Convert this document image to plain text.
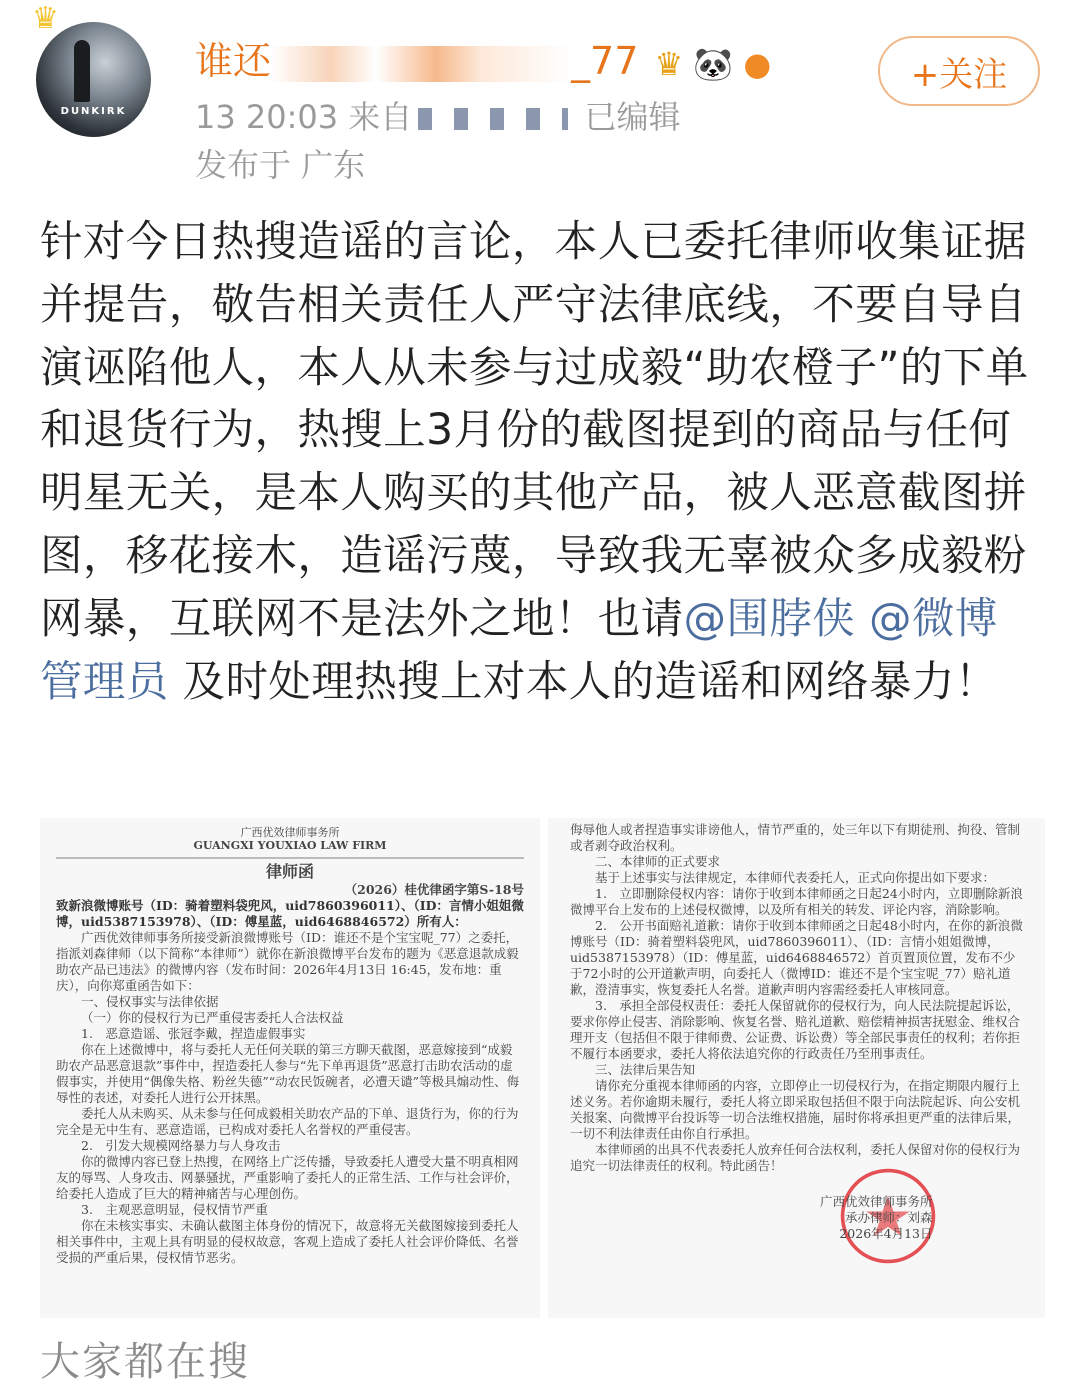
DUNKIRK
♛
谁还	_77 ♛ 🐼 ●	+关注
13 20:03 来自	已编辑
发布于 广东
针对今日热搜造谣的言论，本人已委托律师收集证据并提告，敬告相关责任人严守法律底线，不要自导自演诬陷他人，本人从未参与过成毅“助农橙子”的下单和退货行为，热搜上3月份的截图提到的商品与任何明星无关，是本人购买的其他产品，被人恶意截图拼图，移花接木，造谣污蔑，导致我无辜被众多成毅粉网暴，互联网不是法外之地！也请@围脖侠 @微博管理员 及时处理热搜上对本人的造谣和网络暴力！
广西优效律师事务所
GUANGXI YOUXIAO LAW FIRM
律师函
（2026）桂优律函字第S-18号

致新浪微博账号（ID：骑着塑料袋兜风，uid7860396011）、（ID：言情小姐姐微博，uid5387153978）、（ID：傅星蓝，uid6468846572）所有人：

广西优效律师事务所接受新浪微博账号（ID：谁还不是个宝宝呢_77）之委托，指派刘森律师（以下简称“本律师”）就你在新浪微博平台发布的题为《恶意退款成毅助农产品已违法》的微博内容（发布时间：2026年4月13日 16:45，发布地：重庆），向你郑重函告如下：

一、侵权事实与法律依据

（一）你的侵权行为已严重侵害委托人合法权益

1.　恶意造谣、张冠李戴，捏造虚假事实

你在上述微博中，将与委托人无任何关联的第三方聊天截图，恶意嫁接到“成毅助农产品恶意退款”事件中，捏造委托人参与“先下单再退货”恶意打击助农活动的虚假事实，并使用“偶像失格、粉丝失德”“动农民饭碗者，必遭天谴”等极具煽动性、侮辱性的表述，对委托人进行公开抹黑。

委托人从未购买、从未参与任何成毅相关助农产品的下单、退货行为，你的行为完全是无中生有、恶意造谣，已构成对委托人名誉权的严重侵害。

2.　引发大规模网络暴力与人身攻击

你的微博内容已登上热搜，在网络上广泛传播，导致委托人遭受大量不明真相网友的辱骂、人身攻击、网暴骚扰，严重影响了委托人的正常生活、工作与社会评价，给委托人造成了巨大的精神痛苦与心理创伤。

3.　主观恶意明显，侵权情节严重

你在未核实事实、未确认截图主体身份的情况下，故意将无关截图嫁接到委托人相关事件中，主观上具有明显的侵权故意，客观上造成了委托人社会评价降低、名誉受损的严重后果，侵权情节恶劣。

侮辱他人或者捏造事实诽谤他人，情节严重的，处三年以下有期徒刑、拘役、管制或者剥夺政治权利。

二、本律师的正式要求

基于上述事实与法律规定，本律师代表委托人，正式向你提出如下要求：

1.　立即删除侵权内容：请你于收到本律师函之日起24小时内，立即删除新浪微博平台上发布的上述侵权微博，以及所有相关的转发、评论内容，消除影响。

2.　公开书面赔礼道歉：请你于收到本律师函之日起48小时内，在你的新浪微博账号（ID：骑着塑料袋兜风，uid7860396011）、（ID：言情小姐姐微博，uid5387153978）（ID：傅星蓝，uid6468846572）首页置顶位置，发布不少于72小时的公开道歉声明，向委托人（微博ID：谁还不是个宝宝呢_77）赔礼道歉，澄清事实，恢复委托人名誉。道歉声明内容需经委托人审核同意。

3.　承担全部侵权责任：委托人保留就你的侵权行为，向人民法院提起诉讼，要求你停止侵害、消除影响、恢复名誉、赔礼道歉、赔偿精神损害抚慰金、维权合理开支（包括但不限于律师费、公证费、诉讼费）等全部民事责任的权利；若你拒不履行本函要求，委托人将依法追究你的行政责任乃至刑事责任。

三、法律后果告知

请你充分重视本律师函的内容，立即停止一切侵权行为，在指定期限内履行上述义务。若你逾期未履行，委托人将立即采取包括但不限于向法院起诉、向公安机关报案、向微博平台投诉等一切合法维权措施，届时你将承担更严重的法律后果，一切不利法律责任由你自行承担。

本律师函的出具不代表委托人放弃任何合法权利，委托人保留对你的侵权行为追究一切法律责任的权利。特此函告！

广西优效律师事务所
承办律师：刘森
2026年4月13日
大家都在搜
